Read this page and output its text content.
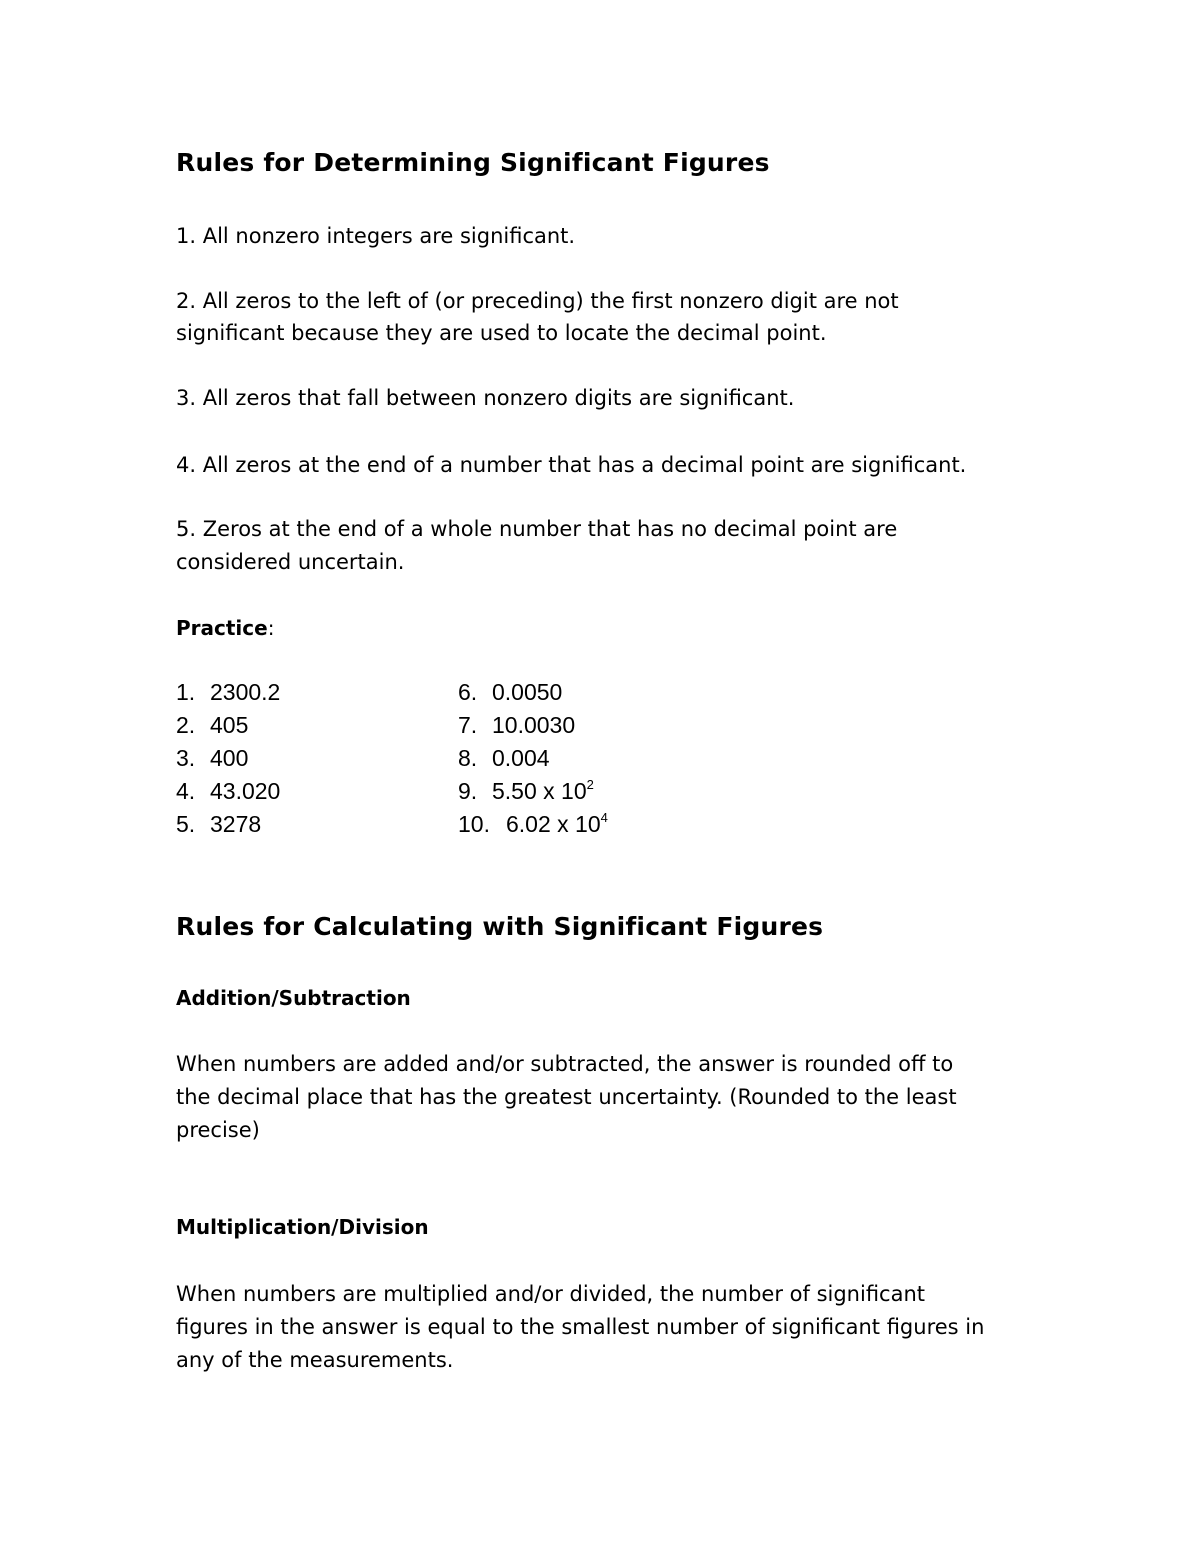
Rules for Determining Significant Figures
1. All nonzero integers are significant.
2. All zeros to the left of (or preceding) the first nonzero digit are not
significant because they are used to locate the decimal point.
3. All zeros that fall between nonzero digits are significant.
4. All zeros at the end of a number that has a decimal point are significant.
5. Zeros at the end of a whole number that has no decimal point are
considered uncertain.
Practice:
1. 2300.2
2. 405
3. 400
4. 43.020
5. 3278
6. 0.0050
7. 10.0030
8. 0.004
9. 5.50 x $10^2$
10. 6.02 x $10^4$
Rules for Calculating with Significant Figures
Addition/Subtraction
When numbers are added and/or subtracted, the answer is rounded off to
the decimal place that has the greatest uncertainty. (Rounded to the least
precise)
Multiplication/Division
When numbers are multiplied and/or divided, the number of significant
figures in the answer is equal to the smallest number of significant figures in
any of the measurements.
